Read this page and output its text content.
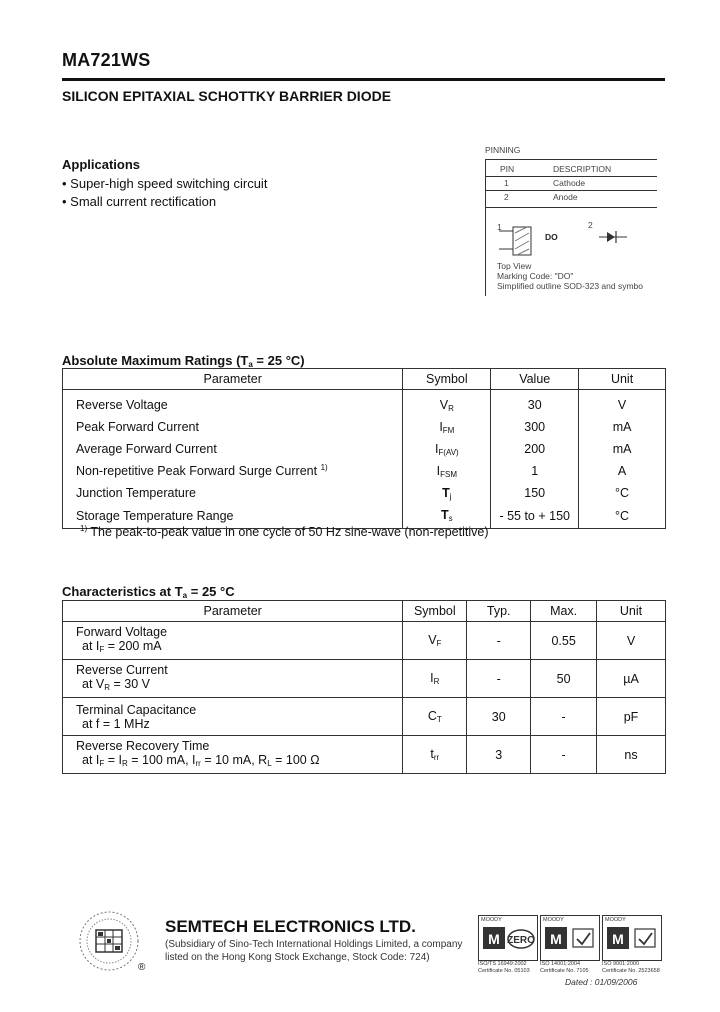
MA721WS
SILICON EPITAXIAL SCHOTTKY BARRIER DIODE
Applications
• Super-high speed switching circuit
• Small current rectification
PINNING
PIN	DESCRIPTION
1	Cathode
2	Anode
1	2
DO
Top View
Marking Code: "DO"
Simplified outline SOD-323 and symbo
Absolute Maximum Ratings ($T_a = 25$ °C)
Parameter	Symbol	Value	Unit
Reverse Voltage	$V_R$	30	V
Peak Forward Current	$I_{FM}$	300	mA
Average Forward Current	$I_{F(AV)}$	200	mA
Non-repetitive Peak Forward Surge Current $^{1)}$	$I_{FSM}$	1	A
Junction Temperature	$T_j$	150	°C
Storage Temperature Range	$T_s$	- 55 to + 150	°C
$^{1)}$ The peak-to-peak value in one cycle of 50 Hz sine-wave (non-repetitive)
Characteristics at $T_a = 25$ °C
Parameter	Symbol	Typ.	Max.	Unit

Forward Voltage
at $I_F = 200$ mA	$V_F$	-	0.55	V

Reverse Current
at $V_R = 30$ V	$I_R$	-	50	µA

Terminal Capacitance
at f = 1 MHz	$C_T$	30	-	pF

Reverse Recovery Time
at $I_F = I_R = 100$ mA, $I_{rr} = 10$ mA, $R_L = 100$ Ω	$t_{rr}$	3	-	ns
®
SEMTECH ELECTRONICS LTD.
(Subsidiary of Sino-Tech International Holdings Limited, a company
listed on the Hong Kong Stock Exchange, Stock Code: 724)
MOODY
M ZERO
ISO/TS 16949:2002
Certificate No. 05103
MOODY
M
ISO 14001:2004
Certificate No. 7105
MOODY
M
ISO 9001:2000
Certificate No. 2523658
Dated : 01/09/2006
